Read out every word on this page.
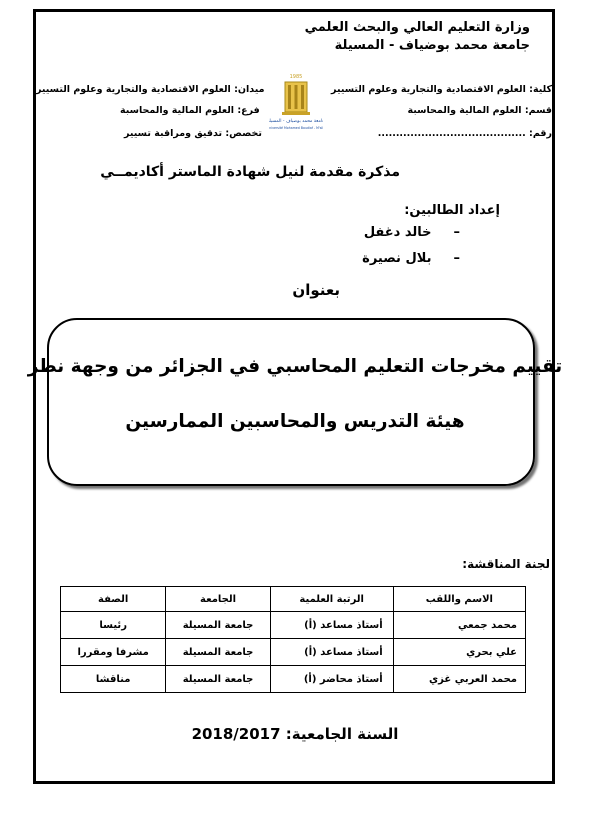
وزارة التعليم العالي والبحث العلمي
جامعة محمد بوضياف - المسيلة
كلية: العلوم الاقتصادية والتجارية وعلوم التسيير
قسم: العلوم المالية والمحاسبة
رقم: .........................................
ميدان: العلوم الاقتصادية والتجارية وعلوم التسيير
فرع: العلوم المالية والمحاسبة
تخصص: تدقيق ومراقبة تسيير
1985
جامعة محمد بوضياف - المسيلة
Université Mohamed Boudiaf - M'sila
مذكرة مقدمة لنيل شهادة الماستر أكاديمــي
إعداد الطالبين:
–خالد دغفل
–بلال نصيرة
بعنوان
تقييم مخرجات التعليم المحاسبي في الجزائر من وجهة نظر
هيئة التدريس والمحاسبين الممارسين
لجنة المناقشة:
الاسم واللقب	الرتبة العلمية	الجامعة	الصفة
محمد جمعي	أستاذ مساعد (أ)	جامعة المسيلة	رئيسا
علي بحري	أستاذ مساعد (أ)	جامعة المسيلة	مشرفا ومقررا
محمد العربي غزي	أستاذ محاضر (أ)	جامعة المسيلة	مناقشا
السنة الجامعية: 2018/2017
